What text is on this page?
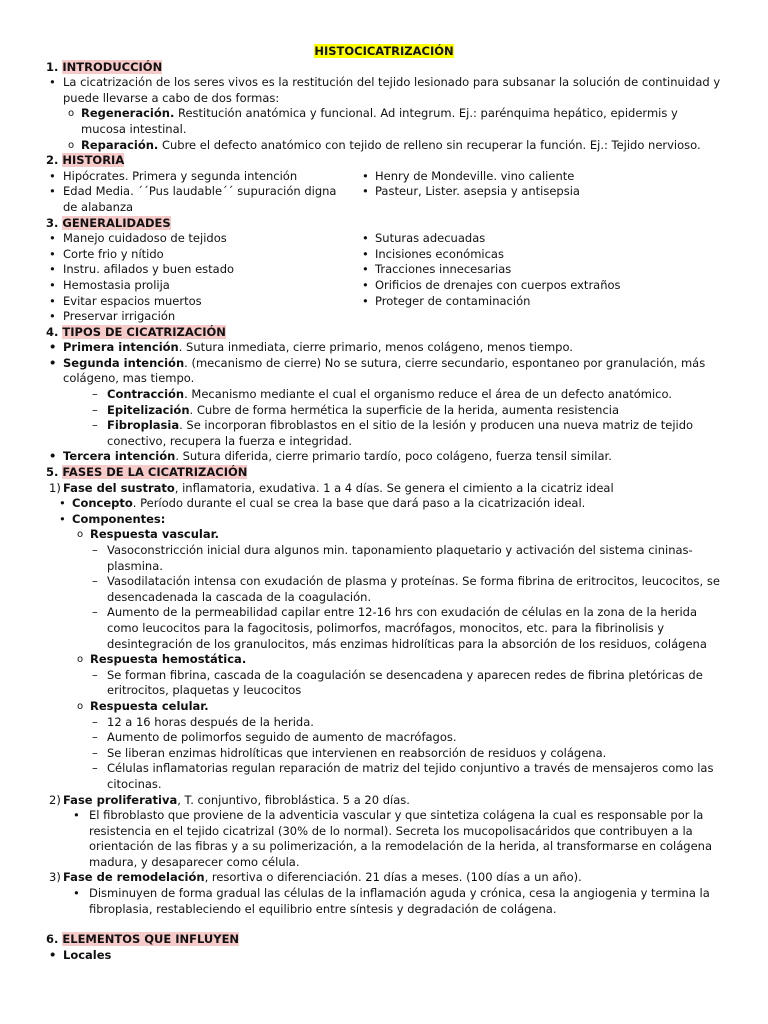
HISTOCICATRIZACIÓN
1. INTRODUCCIÓN
• La cicatrización de los seres vivos es la restitución del tejido lesionado para subsanar la solución de continuidad y puede llevarse a cabo de dos formas:
o Regeneración. Restitución anatómica y funcional. Ad integrum. Ej.: parénquima hepático, epidermis y mucosa intestinal.
o Reparación. Cubre el defecto anatómico con tejido de relleno sin recuperar la función. Ej.: Tejido nervioso.
2. HISTORIA
• Hipócrates. Primera y segunda intención
• Edad Media. ´´Pus laudable´´ supuración digna de alabanza
• Henry de Mondeville. vino caliente
• Pasteur, Lister. asepsia y antisepsia
3. GENERALIDADES
• Manejo cuidadoso de tejidos
• Corte frio y nítido
• Instru. afilados y buen estado
• Hemostasia prolija
• Evitar espacios muertos
• Preservar irrigación
• Suturas adecuadas
• Incisiones económicas
• Tracciones innecesarias
• Orificios de drenajes con cuerpos extraños
• Proteger de contaminación
4. TIPOS DE CICATRIZACIÓN
• Primera intención. Sutura inmediata, cierre primario, menos colágeno, menos tiempo.
• Segunda intención. (mecanismo de cierre) No se sutura, cierre secundario, espontaneo por granulación, más colágeno, mas tiempo.
– Contracción. Mecanismo mediante el cual el organismo reduce el área de un defecto anatómico.
– Epitelización. Cubre de forma hermética la superficie de la herida, aumenta resistencia
– Fibroplasia. Se incorporan fibroblastos en el sitio de la lesión y producen una nueva matriz de tejido conectivo, recupera la fuerza e integridad.
• Tercera intención. Sutura diferida, cierre primario tardío, poco colágeno, fuerza tensil similar.
5. FASES DE LA CICATRIZACIÓN
1) Fase del sustrato, inflamatoria, exudativa. 1 a 4 días. Se genera el cimiento a la cicatriz ideal
• Concepto. Período durante el cual se crea la base que dará paso a la cicatrización ideal.
• Componentes:
o Respuesta vascular.
– Vasoconstricción inicial dura algunos min. taponamiento plaquetario y activación del sistema cininas-plasmina.
– Vasodilatación intensa con exudación de plasma y proteínas. Se forma fibrina de eritrocitos, leucocitos, se desencadenada la cascada de la coagulación.
– Aumento de la permeabilidad capilar entre 12-16 hrs con exudación de células en la zona de la herida como leucocitos para la fagocitosis, polimorfos, macrófagos, monocitos, etc. para la fibrinolisis y desintegración de los granulocitos, más enzimas hidrolíticas para la absorción de los residuos, colágena
o Respuesta hemostática.
– Se forman fibrina, cascada de la coagulación se desencadena y aparecen redes de fibrina pletóricas de eritrocitos, plaquetas y leucocitos
o Respuesta celular.
– 12 a 16 horas después de la herida.
– Aumento de polimorfos seguido de aumento de macrófagos.
– Se liberan enzimas hidrolíticas que intervienen en reabsorción de residuos y colágena.
– Células inflamatorias regulan reparación de matriz del tejido conjuntivo a través de mensajeros como las citocinas.
2) Fase proliferativa, T. conjuntivo, fibroblástica. 5 a 20 días.
• El fibroblasto que proviene de la adventicia vascular y que sintetiza colágena la cual es responsable por la resistencia en el tejido cicatrizal (30% de lo normal). Secreta los mucopolisacáridos que contribuyen a la orientación de las fibras y a su polimerización, a la remodelación de la herida, al transformarse en colágena madura, y desaparecer como célula.
3) Fase de remodelación, resortiva o diferenciación. 21 días a meses. (100 días a un año).
• Disminuyen de forma gradual las células de la inflamación aguda y crónica, cesa la angiogenia y termina la fibroplasia, restableciendo el equilibrio entre síntesis y degradación de colágena.
6. ELEMENTOS QUE INFLUYEN
• Locales
